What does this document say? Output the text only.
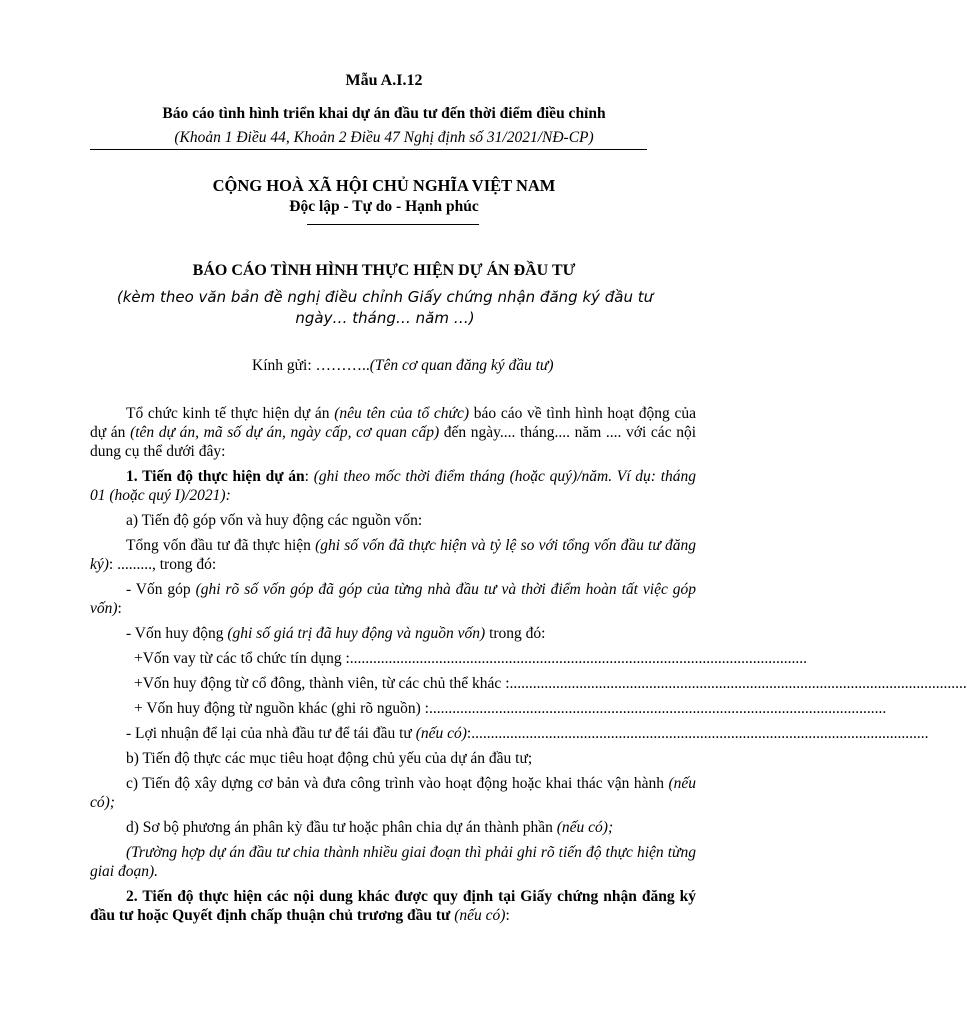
Mẫu A.I.12
Báo cáo tình hình triển khai dự án đầu tư đến thời điểm điều chỉnh
(Khoản 1 Điều 44, Khoản 2 Điều 47 Nghị định số 31/2021/NĐ-CP)
CỘNG HOÀ XÃ HỘI CHỦ NGHĨA VIỆT NAM
Độc lập - Tự do - Hạnh phúc
BÁO CÁO TÌNH HÌNH THỰC HIỆN DỰ ÁN ĐẦU TƯ
(kèm theo văn bản đề nghị điều chỉnh Giấy chứng nhận đăng ký đầu tư ngày… tháng… năm …)
Kính gửi: ………..(Tên cơ quan đăng ký đầu tư)

Tổ chức kinh tế thực hiện dự án (nêu tên của tổ chức) báo cáo về tình hình hoạt động của dự án (tên dự án, mã số dự án, ngày cấp, cơ quan cấp) đến ngày.... tháng.... năm .... với các nội dung cụ thể dưới đây:

1. Tiến độ thực hiện dự án: (ghi theo mốc thời điểm tháng (hoặc quý)/năm. Ví dụ: tháng 01 (hoặc quý I)/2021):

a) Tiến độ góp vốn và huy động các nguồn vốn:

Tổng vốn đầu tư đã thực hiện (ghi số vốn đã thực hiện và tỷ lệ so với tổng vốn đầu tư đăng ký): ........., trong đó:

- Vốn góp (ghi rõ số vốn góp đã góp của từng nhà đầu tư và thời điểm hoàn tất việc góp vốn):

- Vốn huy động (ghi số giá trị đã huy động và nguồn vốn) trong đó:

+Vốn vay từ các tổ chức tín dụng : ......................................................................................................................

+Vốn huy động từ cổ đông, thành viên, từ các chủ thể khác : ......................................................................................................................

+ Vốn huy động từ nguồn khác (ghi rõ nguồn) : ......................................................................................................................

- Lợi nhuận để lại của nhà đầu tư để tái đầu tư (nếu có): ......................................................................................................................

b) Tiến độ thực các mục tiêu hoạt động chủ yếu của dự án đầu tư;

c) Tiến độ xây dựng cơ bản và đưa công trình vào hoạt động hoặc khai thác vận hành (nếu có);

d) Sơ bộ phương án phân kỳ đầu tư hoặc phân chia dự án thành phần (nếu có);

(Trường hợp dự án đầu tư chia thành nhiều giai đoạn thì phải ghi rõ tiến độ thực hiện từng giai đoạn).

2. Tiến độ thực hiện các nội dung khác được quy định tại Giấy chứng nhận đăng ký đầu tư hoặc Quyết định chấp thuận chủ trương đầu tư (nếu có):
